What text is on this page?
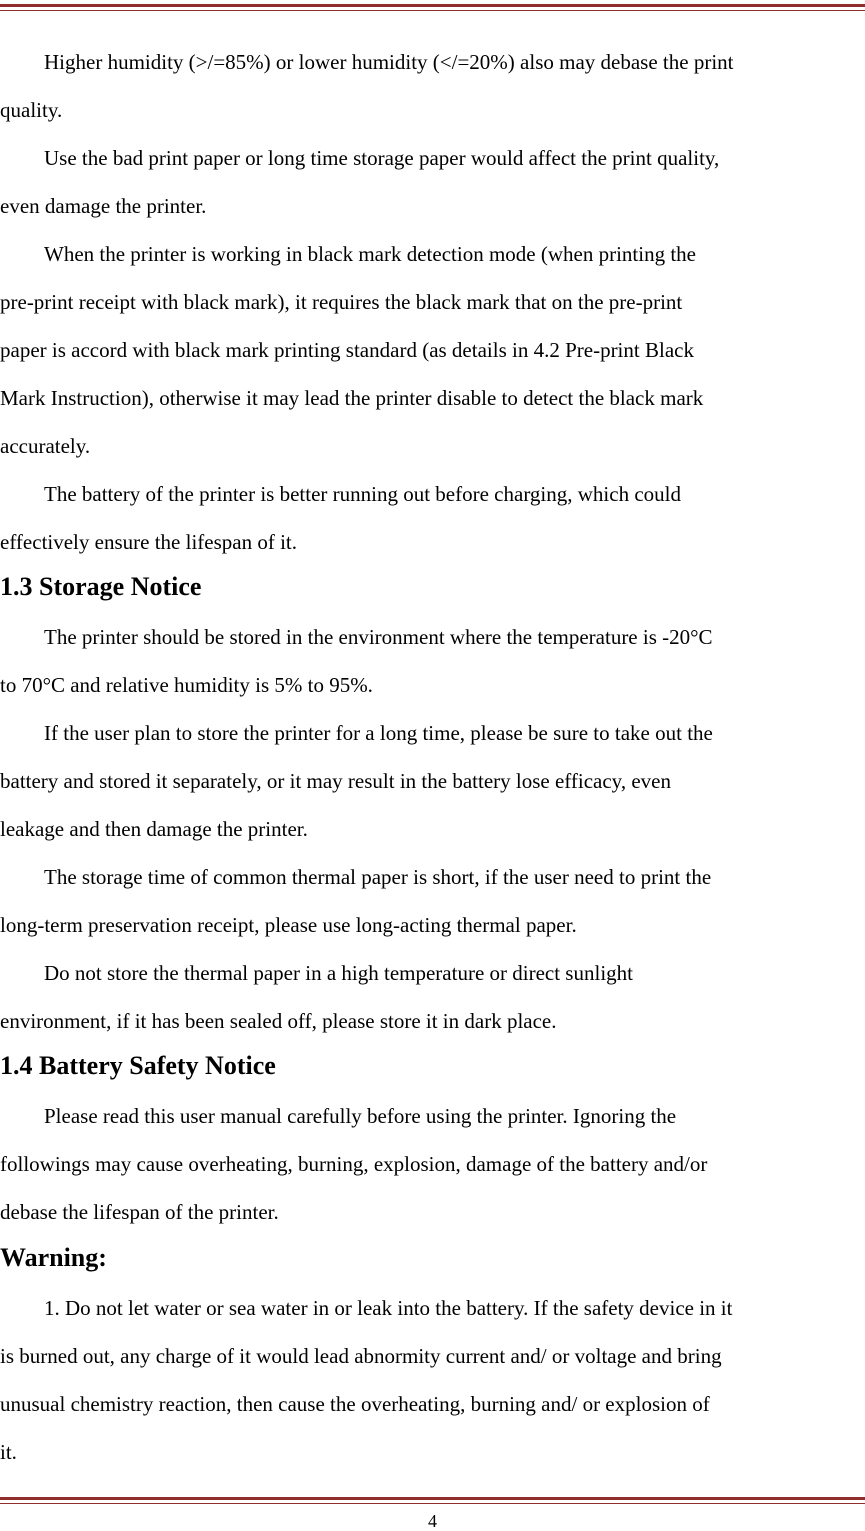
Higher humidity (>/=85%) or lower humidity (</=20%) also may debase the print
quality.
Use the bad print paper or long time storage paper would affect the print quality,
even damage the printer.
When the printer is working in black mark detection mode (when printing the
pre-print receipt with black mark), it requires the black mark that on the pre-print
paper is accord with black mark printing standard (as details in 4.2 Pre-print Black
Mark Instruction), otherwise it may lead the printer disable to detect the black mark
accurately.
The battery of the printer is better running out before charging, which could
effectively ensure the lifespan of it.
1.3 Storage Notice
The printer should be stored in the environment where the temperature is -20°C
to 70°C and relative humidity is 5% to 95%.
If the user plan to store the printer for a long time, please be sure to take out the
battery and stored it separately, or it may result in the battery lose efficacy, even
leakage and then damage the printer.
The storage time of common thermal paper is short, if the user need to print the
long-term preservation receipt, please use long-acting thermal paper.
Do not store the thermal paper in a high temperature or direct sunlight
environment, if it has been sealed off, please store it in dark place.
1.4 Battery Safety Notice
Please read this user manual carefully before using the printer. Ignoring the
followings may cause overheating, burning, explosion, damage of the battery and/or
debase the lifespan of the printer.
Warning:
1. Do not let water or sea water in or leak into the battery. If the safety device in it
is burned out, any charge of it would lead abnormity current and/ or voltage and bring
unusual chemistry reaction, then cause the overheating, burning and/ or explosion of
it.
4
